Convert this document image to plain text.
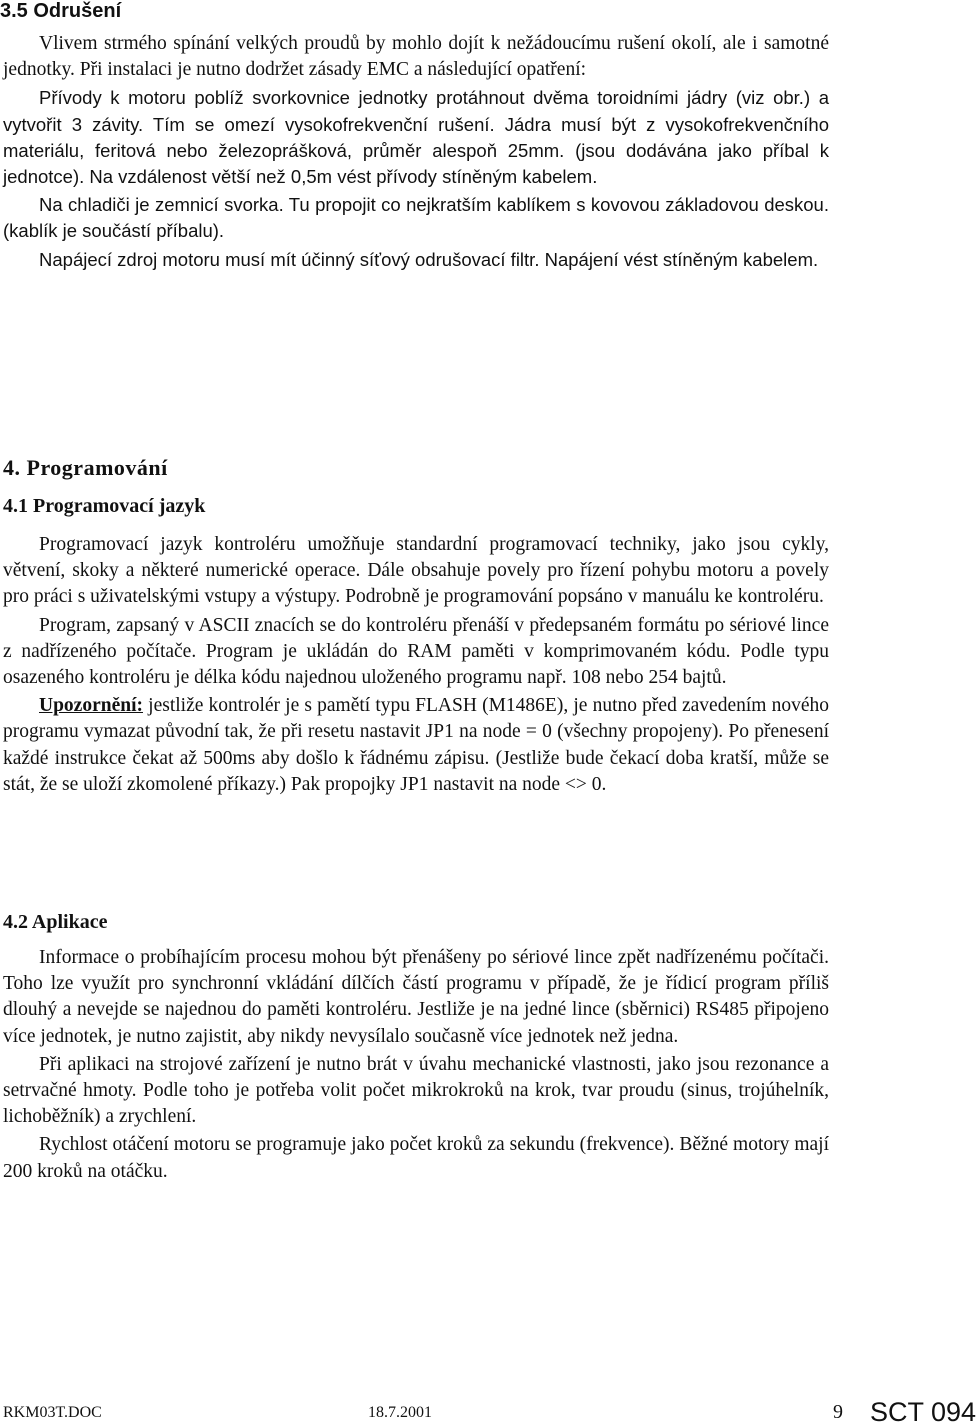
3.5 Odrušení

Vlivem strmého spínání velkých proudů by mohlo dojít k nežádoucímu rušení okolí, ale i samotné jednotky. Při instalaci je nutno dodržet zásady EMC a následující opatření:

Přívody k motoru poblíž svorkovnice jednotky protáhnout dvěma toroidními jádry (viz obr.) a vytvořit 3 závity. Tím se omezí vysokofrekvenční rušení. Jádra musí být z vysokofrekvenčního materiálu, feritová nebo železoprášková, průměr alespoň 25mm. (jsou dodávána jako příbal k jednotce). Na vzdálenost větší než 0,5m vést přívody stíněným kabelem.

Na chladiči je zemnicí svorka. Tu propojit co nejkratším kablíkem s kovovou základovou deskou. (kablík je součástí příbalu).

Napájecí zdroj motoru musí mít účinný síťový odrušovací filtr. Napájení vést stíněným kabelem.

4. Programování
4.1 Programovací jazyk

Programovací jazyk kontroléru umožňuje standardní programovací techniky, jako jsou cykly, větvení, skoky a některé numerické operace. Dále obsahuje povely pro řízení pohybu motoru a povely pro práci s uživatelskými vstupy a výstupy. Podrobně je programování popsáno v manuálu ke kontroléru.

Program, zapsaný v ASCII znacích se do kontroléru přenáší v předepsaném formátu po sériové lince z nadřízeného počítače. Program je ukládán do RAM paměti v komprimovaném kódu. Podle typu osazeného kontroléru je délka kódu najednou uloženého programu např. 108 nebo 254 bajtů.

Upozornění: jestliže kontrolér je s pamětí typu FLASH (M1486E), je nutno před zavedením nového programu vymazat původní tak, že při resetu nastavit JP1 na node = 0 (všechny propojeny). Po přenesení každé instrukce čekat až 500ms aby došlo k řádnému zápisu. (Jestliže bude čekací doba kratší, může se stát, že se uloží zkomolené příkazy.) Pak propojky JP1 nastavit na node <> 0.

4.2 Aplikace

Informace o probíhajícím procesu mohou být přenášeny po sériové lince zpět nadřízenému počítači. Toho lze využít pro synchronní vkládání dílčích částí programu v případě, že je řídicí program příliš dlouhý a nevejde se najednou do paměti kontroléru. Jestliže je na jedné lince (sběrnici) RS485 připojeno více jednotek, je nutno zajistit, aby nikdy nevysílalo současně více jednotek než jedna.

Při aplikaci na strojové zařízení je nutno brát v úvahu mechanické vlastnosti, jako jsou rezonance a setrvačné hmoty. Podle toho je potřeba volit počet mikrokroků na krok, tvar proudu (sinus, trojúhelník, lichoběžník) a zrychlení.

Rychlost otáčení motoru se programuje jako počet kroků za sekundu (frekvence). Běžné motory mají 200 kroků na otáčku.

RKM03T.DOC	18.7.2001	9 SCT 094
